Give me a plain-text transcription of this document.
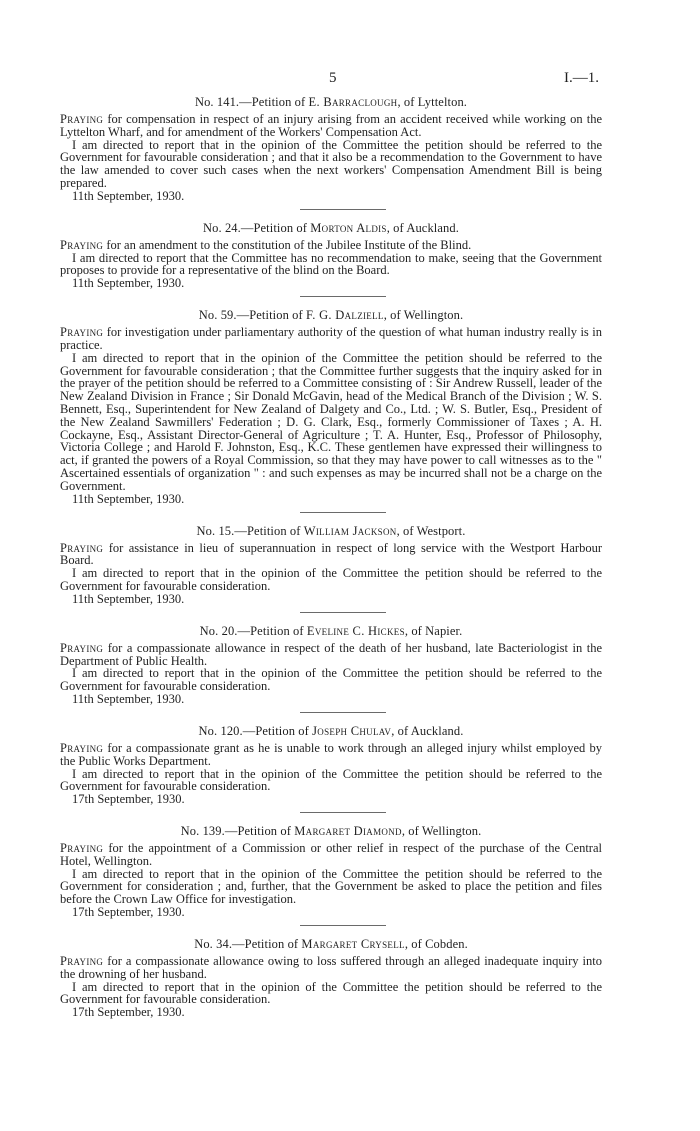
5	I.—1.

No. 141.—Petition of E. Barraclough, of Lyttelton.

Praying for compensation in respect of an injury arising from an accident received while working on the Lyttelton Wharf, and for amendment of the Workers' Compensation Act.

I am directed to report that in the opinion of the Committee the petition should be referred to the Government for favourable consideration ; and that it also be a recommendation to the Government to have the law amended to cover such cases when the next workers' Compensation Amendment Bill is being prepared.

11th September, 1930.

No. 24.—Petition of Morton Aldis, of Auckland.

Praying for an amendment to the constitution of the Jubilee Institute of the Blind.

I am directed to report that the Committee has no recommendation to make, seeing that the Government proposes to provide for a representative of the blind on the Board.

11th September, 1930.

No. 59.—Petition of F. G. Dalziell, of Wellington.

Praying for investigation under parliamentary authority of the question of what human industry really is in practice.

I am directed to report that in the opinion of the Committee the petition should be referred to the Government for favourable consideration ; that the Committee further suggests that the inquiry asked for in the prayer of the petition should be referred to a Committee consisting of : Sir Andrew Russell, leader of the New Zealand Division in France ; Sir Donald McGavin, head of the Medical Branch of the Division ; W. S. Bennett, Esq., Superintendent for New Zealand of Dalgety and Co., Ltd. ; W. S. Butler, Esq., President of the New Zealand Sawmillers' Federation ; D. G. Clark, Esq., formerly Commissioner of Taxes ; A. H. Cockayne, Esq., Assistant Director-General of Agriculture ; T. A. Hunter, Esq., Professor of Philosophy, Victoria College ; and Harold F. Johnston, Esq., K.C. These gentlemen have expressed their willingness to act, if granted the powers of a Royal Commission, so that they may have power to call witnesses as to the " Ascertained essentials of organization " : and such expenses as may be incurred shall not be a charge on the Government.

11th September, 1930.

No. 15.—Petition of William Jackson, of Westport.

Praying for assistance in lieu of superannuation in respect of long service with the Westport Harbour Board.

I am directed to report that in the opinion of the Committee the petition should be referred to the Government for favourable consideration.

11th September, 1930.

No. 20.—Petition of Eveline C. Hickes, of Napier.

Praying for a compassionate allowance in respect of the death of her husband, late Bacteriologist in the Department of Public Health.

I am directed to report that in the opinion of the Committee the petition should be referred to the Government for favourable consideration.

11th September, 1930.

No. 120.—Petition of Joseph Chulav, of Auckland.

Praying for a compassionate grant as he is unable to work through an alleged injury whilst employed by the Public Works Department.

I am directed to report that in the opinion of the Committee the petition should be referred to the Government for favourable consideration.

17th September, 1930.

No. 139.—Petition of Margaret Diamond, of Wellington.

Praying for the appointment of a Commission or other relief in respect of the purchase of the Central Hotel, Wellington.

I am directed to report that in the opinion of the Committee the petition should be referred to the Government for consideration ; and, further, that the Government be asked to place the petition and files before the Crown Law Office for investigation.

17th September, 1930.

No. 34.—Petition of Margaret Crysell, of Cobden.

Praying for a compassionate allowance owing to loss suffered through an alleged inadequate inquiry into the drowning of her husband.

I am directed to report that in the opinion of the Committee the petition should be referred to the Government for favourable consideration.

17th September, 1930.
